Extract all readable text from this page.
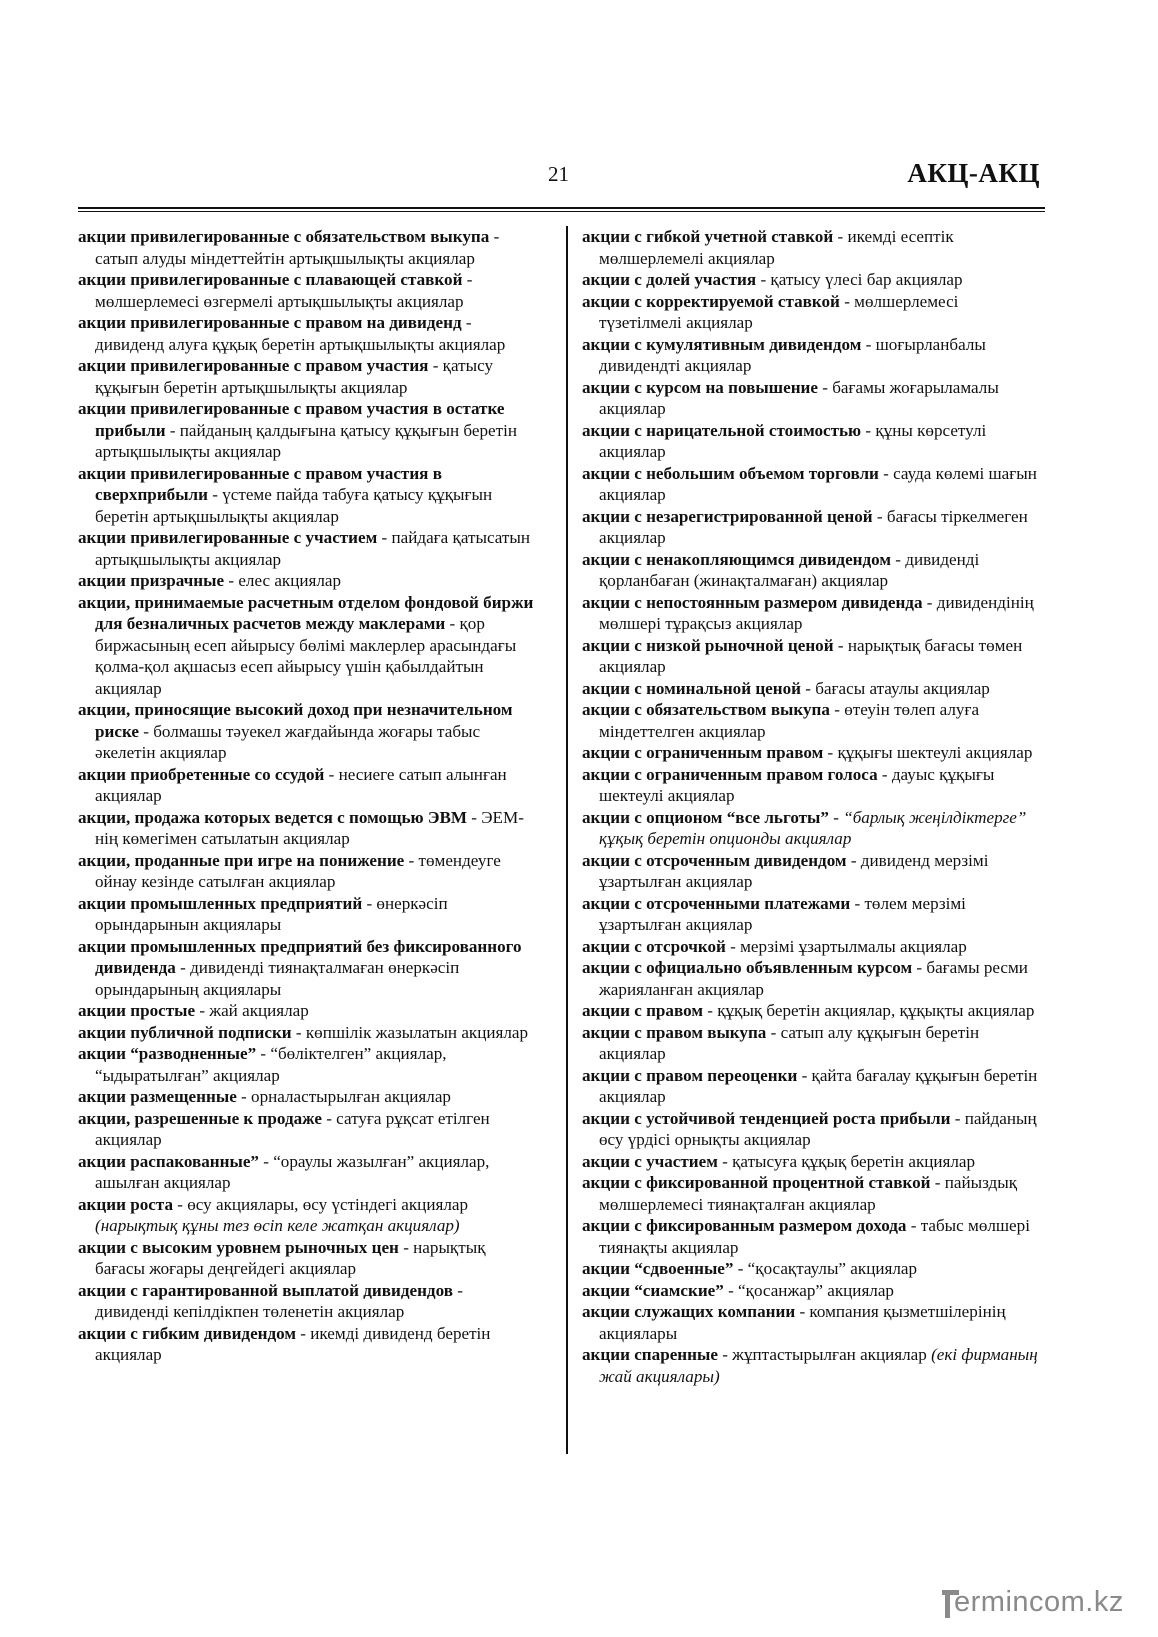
21	АКЦ-АКЦ

акции привилегированные с обязательством выкупа - сатып алуды міндеттейтін артықшылықты акциялар

акции привилегированные с плавающей ставкой - мөлшерлемесі өзгермелі артықшылықты акциялар

акции привилегированные с правом на дивиденд - дивиденд алуға құқық беретін артықшылықты акциялар

акции привилегированные с правом участия - қатысу құқығын беретін артықшылықты акциялар

акции привилегированные с правом участия в остатке прибыли - пайданың қалдығына қатысу құқығын беретін артықшылықты акциялар

акции привилегированные с правом участия в сверхприбыли - үстеме пайда табуға қатысу құқығын беретін артықшылықты акциялар

акции привилегированные с участием - пайдаға қатысатын артықшылықты акциялар

акции призрачные - елес акциялар

акции, принимаемые расчетным отделом фондовой биржи для безналичных расчетов между маклерами - қор биржасының есеп айырысу бөлімі маклерлер арасындағы қолма-қол ақшасыз есеп айырысу үшін қабылдайтын акциялар

акции, приносящие высокий доход при незначительном риске - болмашы тәуекел жағдайында жоғары табыс әкелетін акциялар

акции приобретенные со ссудой - несиеге сатып алынған акциялар

акции, продажа которых ведется с помощью ЭВМ - ЭЕМ-нің көмегімен сатылатын акциялар

акции, проданные при игре на понижение - төмендеуге ойнау кезінде сатылған акциялар

акции промышленных предприятий - өнеркәсіп орындарынын акциялары

акции промышленных предприятий без фиксированного дивиденда - дивиденді тиянақталмаған өнеркәсіп орындарының акциялары

акции простые - жай акциялар

акции публичной подписки - көпшілік жазылатын акциялар

акции “разводненные” - “бөліктелген” акциялар, “ыдыратылған” акциялар

акции размещенные - орналастырылған акциялар

акции, разрешенные к продаже - сатуға рұқсат етілген акциялар

акции распакованные” - “ораулы жазылған” акциялар, ашылған акциялар

акции роста - өсу акциялары, өсу үстіндегі акциялар (нарықтық құны тез өсіп келе жатқан акциялар)

акции с высоким уровнем рыночных цен - нарықтық бағасы жоғары деңгейдегі акциялар

акции с гарантированной выплатой дивидендов - дивиденді кепілдікпен төленетін акциялар

акции с гибким дивидендом - икемді дивиденд беретін акциялар

акции с гибкой учетной ставкой - икемді есептік мөлшерлемелі акциялар

акции с долей участия - қатысу үлесі бар акциялар

акции с корректируемой ставкой - мөлшерлемесі түзетілмелі акциялар

акции с кумулятивным дивидендом - шоғырланбалы дивидендті акциялар

акции с курсом на повышение - бағамы жоғарыламалы акциялар

акции с нарицательной стоимостью - құны көрсетулі акциялар

акции с небольшим объемом торговли - сауда көлемі шағын акциялар

акции с незарегистрированной ценой - бағасы тіркелмеген акциялар

акции с ненакопляющимся дивидендом - дивиденді қорланбаған (жинақталмаған) акциялар

акции с непостоянным размером дивиденда - дивидендінің мөлшері тұрақсыз акциялар

акции с низкой рыночной ценой - нарықтық бағасы төмен акциялар

акции с номинальной ценой - бағасы атаулы акциялар

акции с обязательством выкупа - өтеуін төлеп алуға міндеттелген акциялар

акции с ограниченным правом - құқығы шектеулі акциялар

акции с ограниченным правом голоса - дауыс құқығы шектеулі акциялар

акции с опционом “все льготы” - “барлық жеңілдіктерге” құқық беретін опционды акциялар

акции с отсроченным дивидендом - дивиденд мерзімі ұзартылған акциялар

акции с отсроченными платежами - төлем мерзімі ұзартылған акциялар

акции с отсрочкой - мерзімі ұзартылмалы акциялар

акции с официально объявленным курсом - бағамы ресми жарияланған акциялар

акции с правом - құқық беретін акциялар, құқықты акциялар

акции с правом выкупа - сатып алу құқығын беретін акциялар

акции с правом переоценки - қайта бағалау құқығын беретін акциялар

акции с устойчивой тенденцией роста прибыли - пайданың өсу үрдісі орнықты акциялар

акции с участием - қатысуға құқық беретін акциялар

акции с фиксированной процентной ставкой - пайыздық мөлшерлемесі тиянақталған акциялар

акции с фиксированным размером дохода - табыс мөлшері тиянақты акциялар

акции “сдвоенные” - “қосақтаулы” акциялар

акции “сиамские” - “қосанжар” акциялар

акции служащих компании - компания қызметшілерінің акциялары

акции спаренные - жұптастырылған акциялар (екі фирманың жай акциялары)

ermincom.kz
